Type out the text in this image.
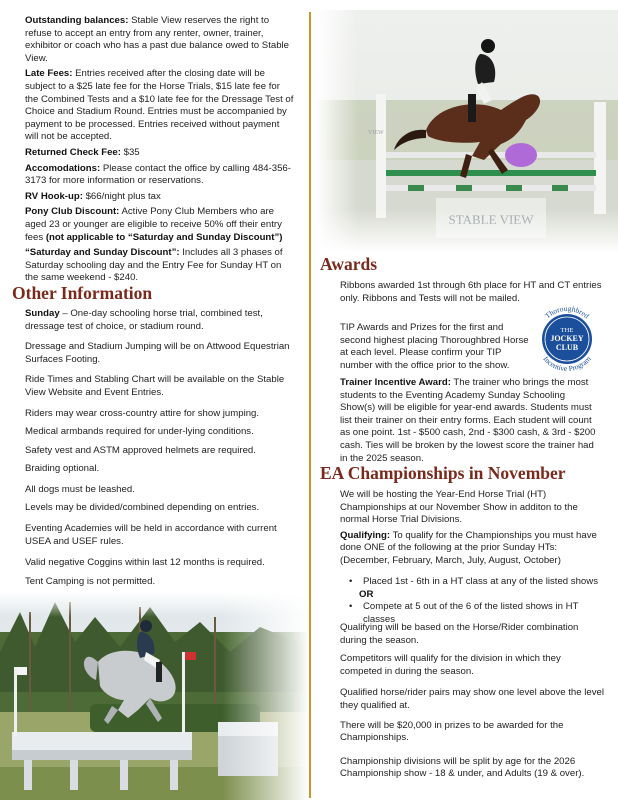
Outstanding balances: Stable View reserves the right to refuse to accept an entry from any renter, owner, trainer, exhibitor or coach who has a past due balance owed to Stable View.

Late Fees: Entries received after the closing date will be subject to a $25 late fee for the Horse Trials, $15 late fee for the Combined Tests and a $10 late fee for the Dressage Test of Choice and Stadium Round. Entries must be accompanied by payment to be processed. Entries received without payment will not be accepted.

Returned Check Fee: $35

Accomodations: Please contact the office by calling 484-356-3173 for more information or reservations.

RV Hook-up: $66/night plus tax

Pony Club Discount: Active Pony Club Members who are aged 23 or younger are eligible to receive 50% off their entry fees (not applicable to “Saturday and Sunday Discount”)

“Saturday and Sunday Discount”: Includes all 3 phases of Saturday schooling day and the Entry Fee for Sunday HT on the same weekend - $240.

Other Information

Sunday – One-day schooling horse trial, combined test, dressage test of choice, or stadium round.

Dressage and Stadium Jumping will be on Attwood Equestrian Surfaces Footing.

Ride Times and Stabling Chart will be available on the Stable View Website and Event Entries.

Riders may wear cross-country attire for show jumping.

Medical armbands required for under-lying conditions.

Safety vest and ASTM approved helmets are required.

Braiding optional.

All dogs must be leashed.

Levels may be divided/combined depending on entries.

Eventing Academies will be held in accordance with current USEA and USEF rules.

Valid negative Coggins within last 12 months is required.

Tent Camping is not permitted.

Awards

Ribbons awarded 1st through 6th place for HT and CT entries only. Ribbons and Tests will not be mailed.

TIP Awards and Prizes for the first and second highest placing Thoroughbred Horse at each level. Please confirm your TIP number with the office prior to the show.

Thoroughbred
Incentive Program
THE
JOCKEY
CLUB

Trainer Incentive Award: The trainer who brings the most students to the Eventing Academy Sunday Schooling Show(s) will be eligible for year-end awards. Students must list their trainer on their entry forms. Each student will count as one point. 1st - $500 cash, 2nd - $300 cash, & 3rd - $200 cash. Ties will be broken by the lowest score the trainer had in the 2025 season.

EA Championships in November

We will be hosting the Year-End Horse Trial (HT) Championships at our November Show in additon to the normal Horse Trial Divisions.

Qualifying: To qualify for the Championships you must have done ONE of the following at the prior Sunday HTs: (December, February, March, July, August, October)

• Placed 1st - 6th in a HT class at any of the listed shows

OR

• Compete at 5 out of the 6 of the listed shows in HT classes

Qualifying will be based on the Horse/Rider combination during the season.

Competitors will qualify for the division in which they competed in during the season.

Qualified horse/rider pairs may show one level above the level they qualified at.

There will be $20,000 in prizes to be awarded for the Championships.

Championship divisions will be split by age for the 2026 Championship show - 18 & under, and Adults (19 & over).
